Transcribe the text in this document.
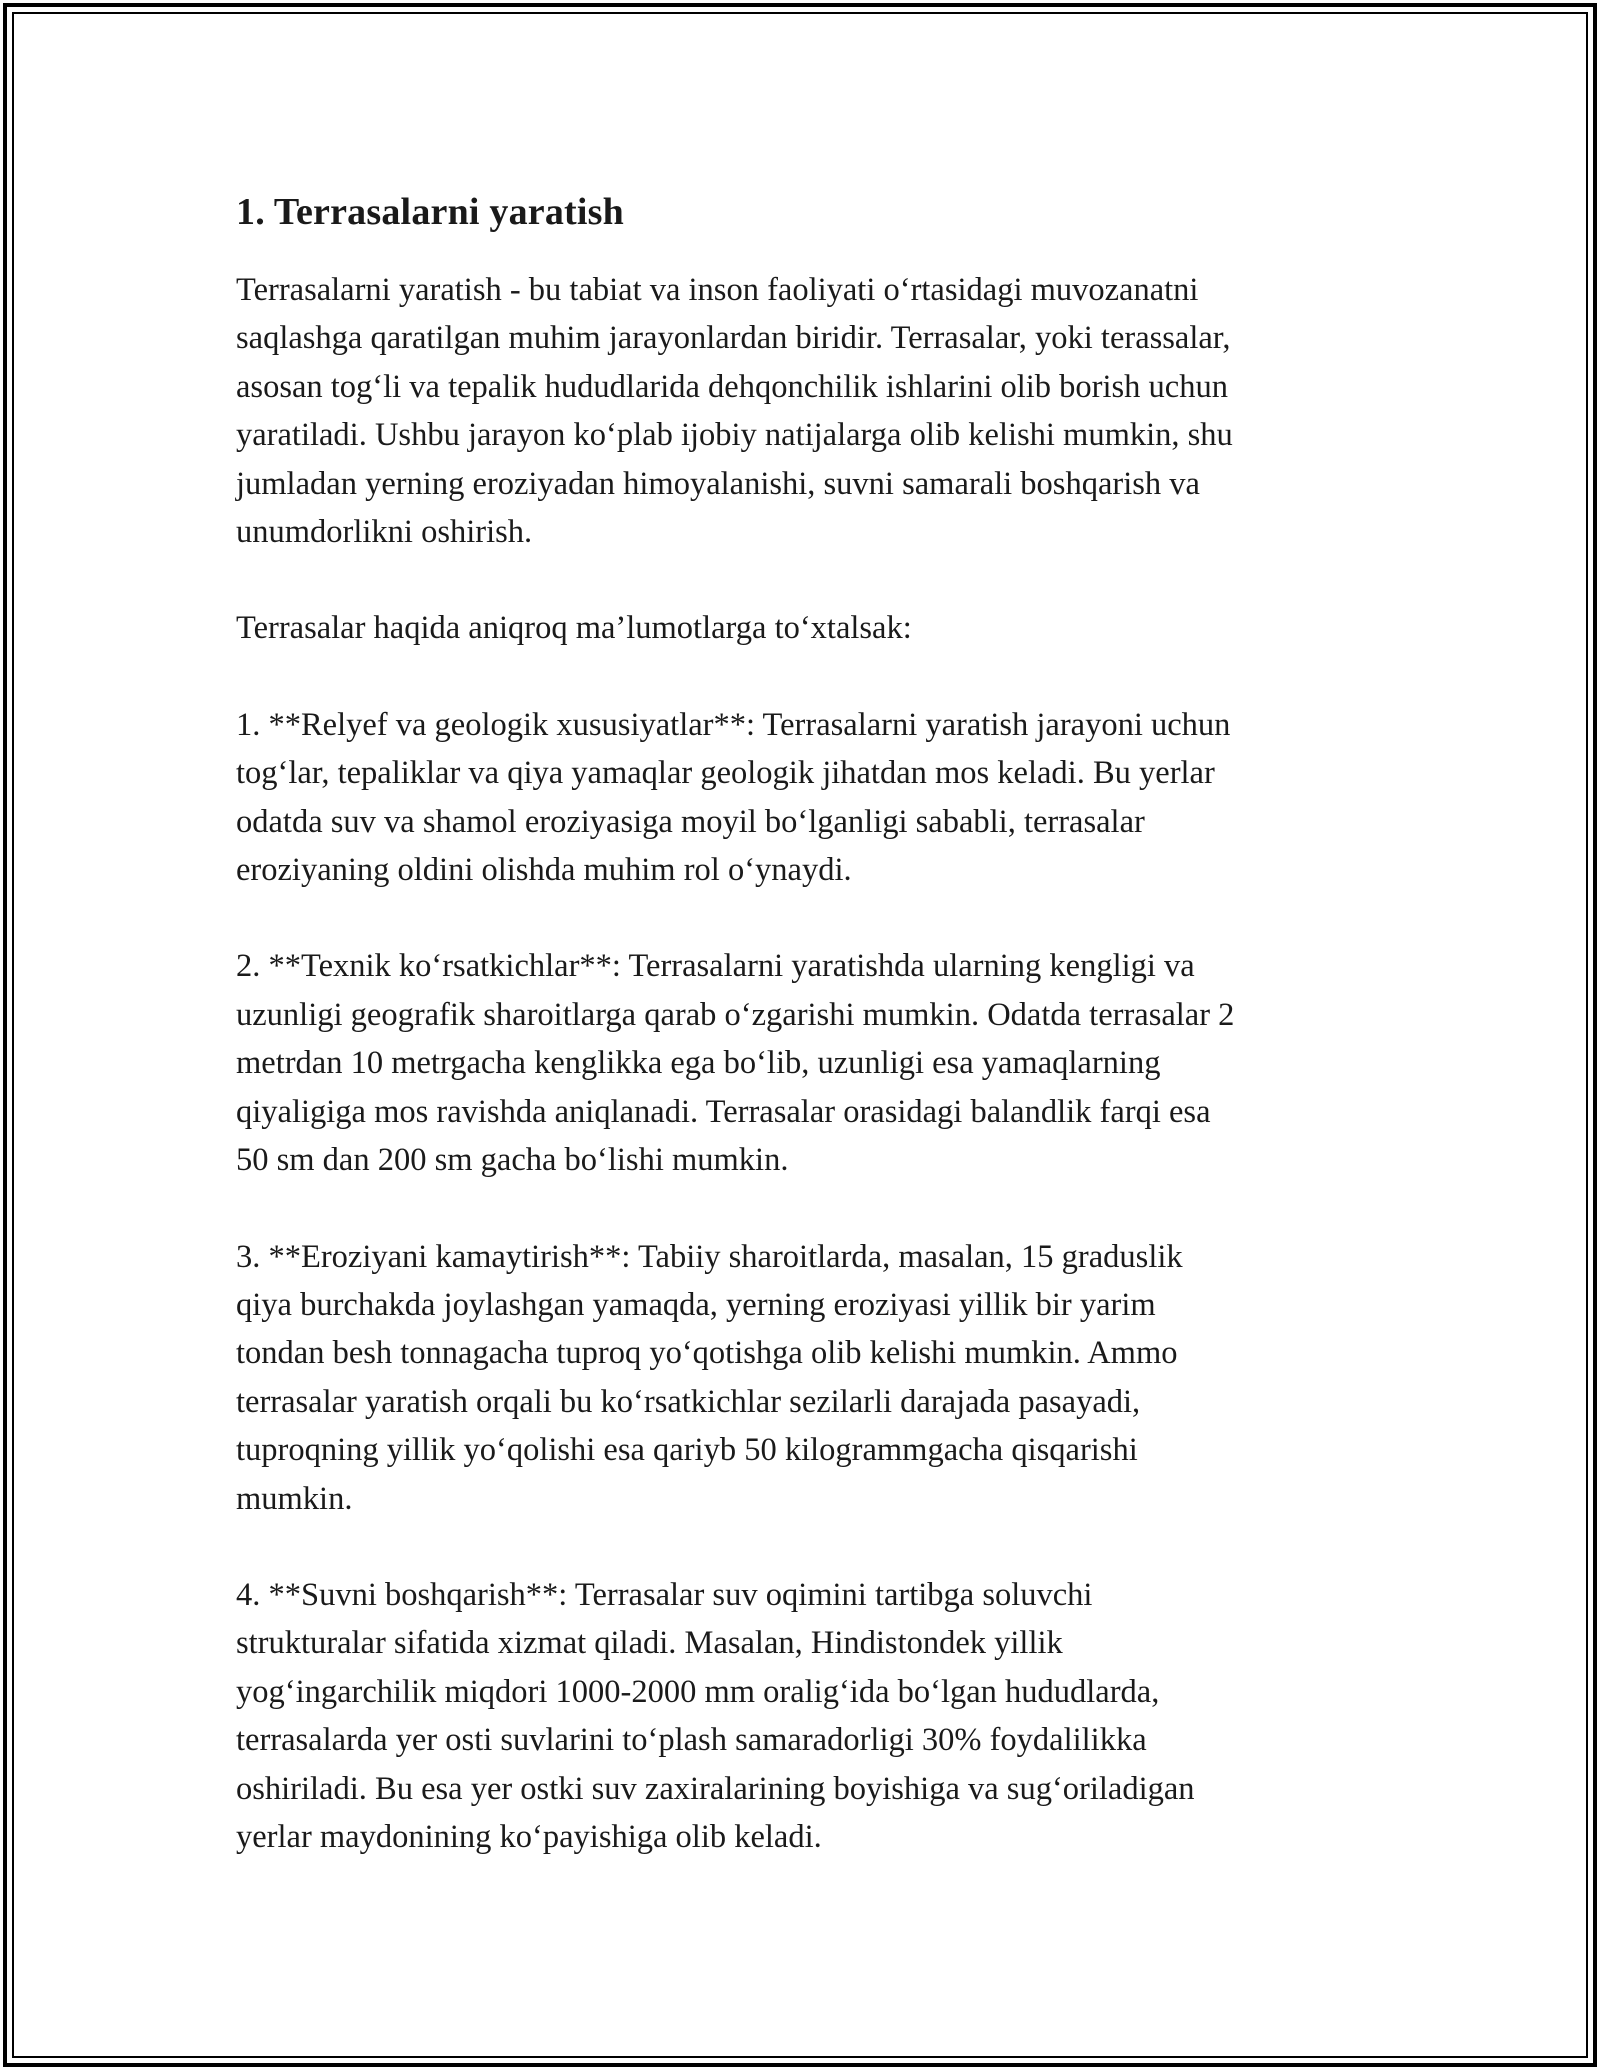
1. Terrasalarni yaratish

Terrasalarni yaratish - bu tabiat va inson faoliyati o‘rtasidagi muvozanatni
saqlashga qaratilgan muhim jarayonlardan biridir. Terrasalar, yoki terassalar,
asosan tog‘li va tepalik hududlarida dehqonchilik ishlarini olib borish uchun
yaratiladi. Ushbu jarayon ko‘plab ijobiy natijalarga olib kelishi mumkin, shu
jumladan yerning eroziyadan himoyalanishi, suvni samarali boshqarish va
unumdorlikni oshirish.

Terrasalar haqida aniqroq ma’lumotlarga to‘xtalsak:

1. **Relyef va geologik xususiyatlar**: Terrasalarni yaratish jarayoni uchun
tog‘lar, tepaliklar va qiya yamaqlar geologik jihatdan mos keladi. Bu yerlar
odatda suv va shamol eroziyasiga moyil bo‘lganligi sababli, terrasalar
eroziyaning oldini olishda muhim rol o‘ynaydi.

2. **Texnik ko‘rsatkichlar**: Terrasalarni yaratishda ularning kengligi va
uzunligi geografik sharoitlarga qarab o‘zgarishi mumkin. Odatda terrasalar 2
metrdan 10 metrgacha kenglikka ega bo‘lib, uzunligi esa yamaqlarning
qiyaligiga mos ravishda aniqlanadi. Terrasalar orasidagi balandlik farqi esa
50 sm dan 200 sm gacha bo‘lishi mumkin.

3. **Eroziyani kamaytirish**: Tabiiy sharoitlarda, masalan, 15 graduslik
qiya burchakda joylashgan yamaqda, yerning eroziyasi yillik bir yarim
tondan besh tonnagacha tuproq yo‘qotishga olib kelishi mumkin. Ammo
terrasalar yaratish orqali bu ko‘rsatkichlar sezilarli darajada pasayadi,
tuproqning yillik yo‘qolishi esa qariyb 50 kilogrammgacha qisqarishi
mumkin.

4. **Suvni boshqarish**: Terrasalar suv oqimini tartibga soluvchi
strukturalar sifatida xizmat qiladi. Masalan, Hindistondek yillik
yog‘ingarchilik miqdori 1000-2000 mm oralig‘ida bo‘lgan hududlarda,
terrasalarda yer osti suvlarini to‘plash samaradorligi 30% foydalilikka
oshiriladi. Bu esa yer ostki suv zaxiralarining boyishiga va sug‘oriladigan
yerlar maydonining ko‘payishiga olib keladi.
